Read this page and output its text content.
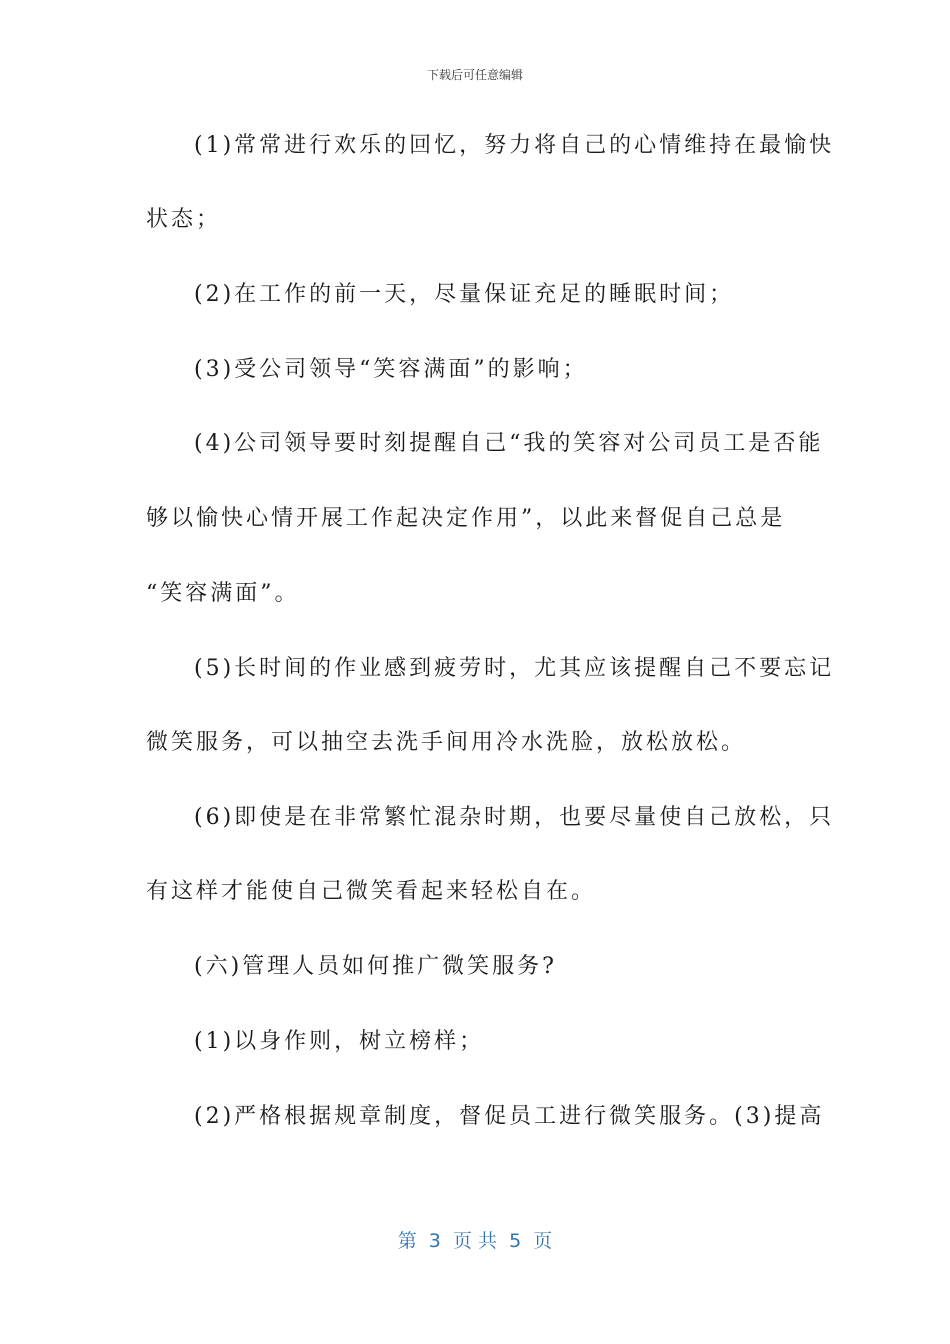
下载后可任意编辑
(1)常常进行欢乐的回忆，努力将自己的心情维持在最愉快
状态；
(2)在工作的前一天，尽量保证充足的睡眠时间；
(3)受公司领导“笑容满面”的影响；
(4)公司领导要时刻提醒自己“我的笑容对公司员工是否能
够以愉快心情开展工作起决定作用”，以此来督促自己总是
“笑容满面”。
(5)长时间的作业感到疲劳时，尤其应该提醒自己不要忘记
微笑服务，可以抽空去洗手间用冷水洗脸，放松放松。
(6)即使是在非常繁忙混杂时期，也要尽量使自己放松，只
有这样才能使自己微笑看起来轻松自在。
(六)管理人员如何推广微笑服务?
(1)以身作则，树立榜样；
(2)严格根据规章制度，督促员工进行微笑服务。(3)提高
第  3  页 共  5  页
